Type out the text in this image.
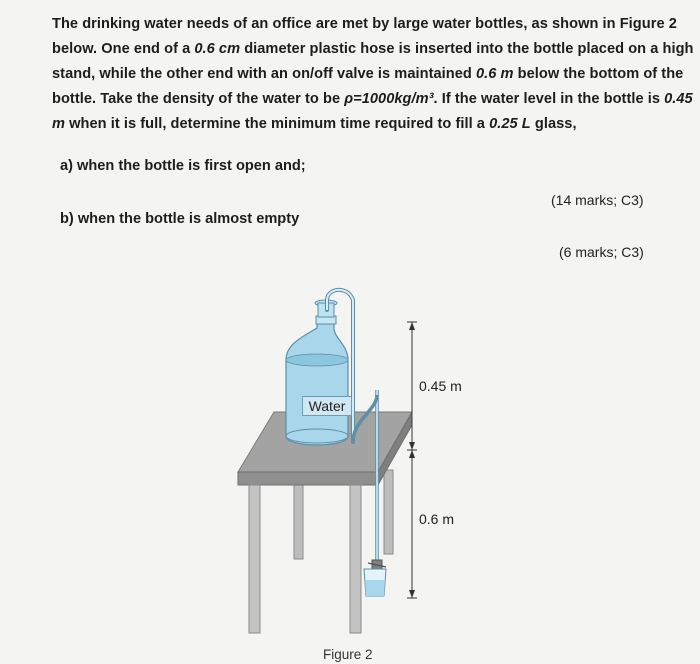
The drinking water needs of an office are met by large water bottles, as shown in Figure 2
below. One end of a 0.6 cm diameter plastic hose is inserted into the bottle placed on a high
stand, while the other end with an on/off valve is maintained 0.6 m below the bottom of the
bottle. Take the density of the water to be ρ=1000kg/m³. If the water level in the bottle is 0.45
m when it is full, determine the minimum time required to fill a 0.25 L glass,
a) when the bottle is first open and;
(14 marks; C3)
b) when the bottle is almost empty
(6 marks; C3)
Water
0.45 m
0.6 m
Figure 2
